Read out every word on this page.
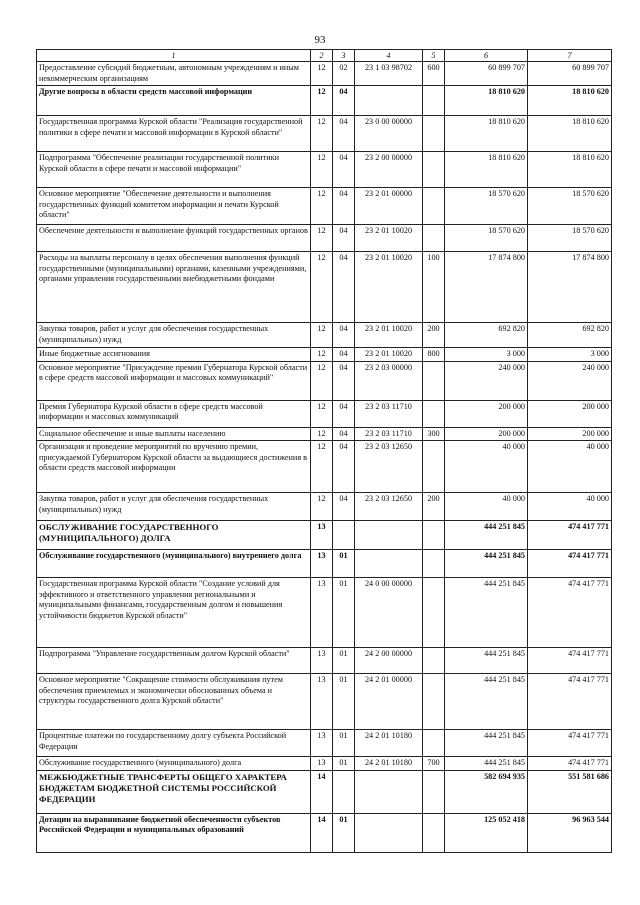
93
1	2	3	4	5	6	7
Предоставление субсидий бюджетным, автономным учреждениям и иным некоммерческим организациям	12	02	23 1 03 98702	600	60 899 707	60 899 707
Другие вопросы в области средств массовой информации	12	04			18 810 620	18 810 620
Государственная программа Курской области "Реализация государственной политики в сфере печати и массовой информации в Курской области"	12	04	23 0 00 00000		18 810 620	18 810 620
Подпрограмма "Обеспечение реализации государственной политики Курской области в сфере печати и массовой информации"	12	04	23 2 00 00000		18 810 620	18 810 620
Основное мероприятие "Обеспечение деятельности и выполнения государственных функций комитетом информации и печати Курской области"	12	04	23 2 01 00000		18 570 620	18 570 620
Обеспечение деятельности и выполнение функций государственных органов	12	04	23 2 01 10020		18 570 620	18 570 620
Расходы на выплаты персоналу в целях обеспечения выполнения функций государственными (муниципальными) органами, казенными учреждениями, органами управления государственными внебюджетными фондами	12	04	23 2 01 10020	100	17 874 800	17 874 800
Закупка товаров, работ и услуг для обеспечения государственных (муниципальных) нужд	12	04	23 2 01 10020	200	692 820	692 820
Иные бюджетные ассигнования	12	04	23 2 01 10020	800	3 000	3 000
Основное мероприятие "Присуждение премии Губернатора Курской области в сфере средств массовой информации и массовых коммуникаций"	12	04	23 2 03 00000		240 000	240 000
Премия Губернатора Курской области в сфере средств массовой информации и массовых коммуникаций	12	04	23 2 03 11710		200 000	200 000
Социальное обеспечение и иные выплаты населению	12	04	23 2 03 11710	300	200 000	200 000
Организация и проведение мероприятий по вручению премии, присуждаемой Губернатором Курской области за выдающиеся достижения в области средств массовой информации	12	04	23 2 03 12650		40 000	40 000
Закупка товаров, работ и услуг для обеспечения государственных (муниципальных) нужд	12	04	23 2 03 12650	200	40 000	40 000
ОБСЛУЖИВАНИЕ ГОСУДАРСТВЕННОГО (МУНИЦИПАЛЬНОГО) ДОЛГА	13				444 251 845	474 417 771
Обслуживание государственного (муниципального) внутреннего долга	13	01			444 251 845	474 417 771
Государственная программа Курской области "Создание условий для эффективного и ответственного управления региональными и муниципальными финансами, государственным долгом и повышения устойчивости бюджетов Курской области"	13	01	24 0 00 00000		444 251 845	474 417 771
Подпрограмма "Управление государственным долгом Курской области"	13	01	24 2 00 00000		444 251 845	474 417 771
Основное мероприятие "Сокращение стоимости обслуживания путем обеспечения приемлемых и экономически обоснованных объема и структуры государственного долга Курской области"	13	01	24 2 01 00000		444 251 845	474 417 771
Процентные платежи по государственному долгу субъекта Российской Федерации	13	01	24 2 01 10180		444 251 845	474 417 771
Обслуживание государственного (муниципального) долга	13	01	24 2 01 10180	700	444 251 845	474 417 771
МЕЖБЮДЖЕТНЫЕ ТРАНСФЕРТЫ ОБЩЕГО ХАРАКТЕРА БЮДЖЕТАМ БЮДЖЕТНОЙ СИСТЕМЫ РОССИЙСКОЙ ФЕДЕРАЦИИ	14				582 694 935	551 581 686
Дотации на выравнивание бюджетной обеспеченности субъектов Российской Федерации и муниципальных образований	14	01			125 052 418	96 963 544
